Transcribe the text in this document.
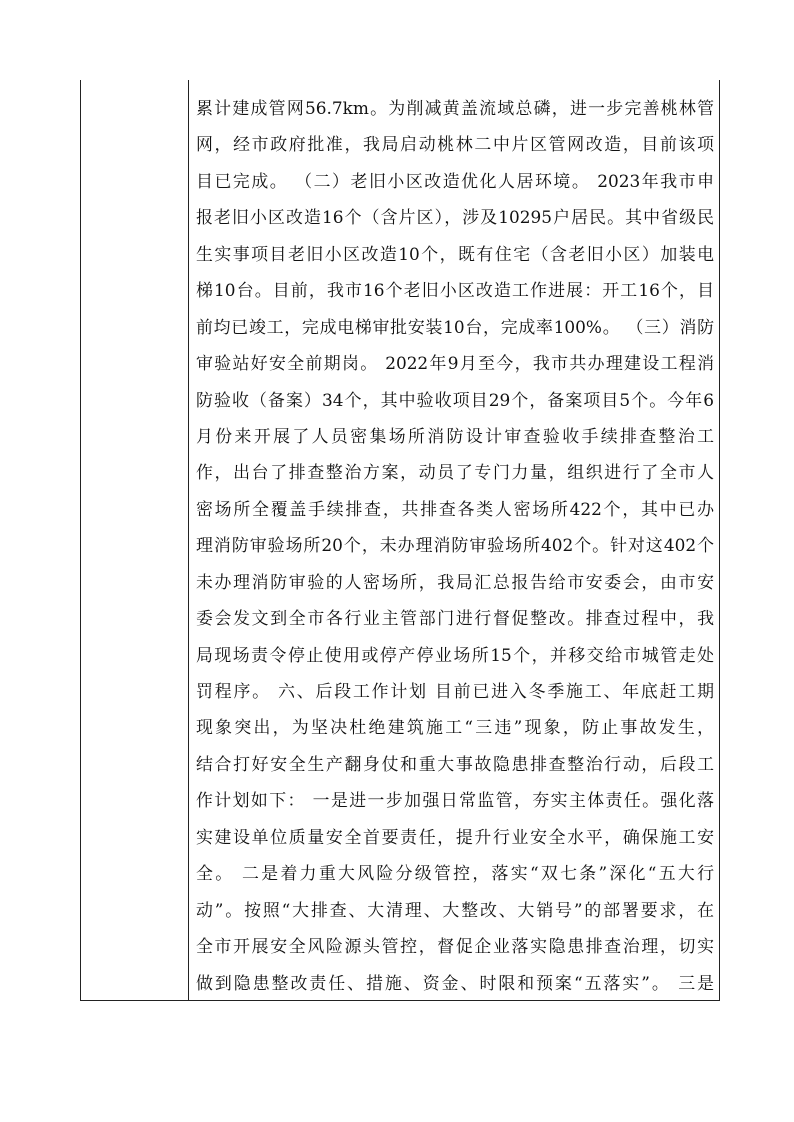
累计建成管网56.7km。为削减黄盖流域总磷，进一步完善桃林管
网，经市政府批准，我局启动桃林二中片区管网改造，目前该项
目已完成。 （二）老旧小区改造优化人居环境。 2023年我市申
报老旧小区改造16个（含片区），涉及10295户居民。其中省级民
生实事项目老旧小区改造10个，既有住宅（含老旧小区）加装电
梯10台。目前，我市16个老旧小区改造工作进展：开工16个，目
前均已竣工，完成电梯审批安装10台，完成率100%。 （三）消防
审验站好安全前期岗。 2022年9月至今，我市共办理建设工程消
防验收（备案）34个，其中验收项目29个，备案项目5个。今年6
月份来开展了人员密集场所消防设计审查验收手续排查整治工
作，出台了排查整治方案，动员了专门力量，组织进行了全市人
密场所全覆盖手续排查，共排查各类人密场所422个，其中已办
理消防审验场所20个，未办理消防审验场所402个。针对这402个
未办理消防审验的人密场所，我局汇总报告给市安委会，由市安
委会发文到全市各行业主管部门进行督促整改。排查过程中，我
局现场责令停止使用或停产停业场所15个，并移交给市城管走处
罚程序。 六、后段工作计划 目前已进入冬季施工、年底赶工期
现象突出，为坚决杜绝建筑施工“三违”现象，防止事故发生，
结合打好安全生产翻身仗和重大事故隐患排查整治行动，后段工
作计划如下： 一是进一步加强日常监管，夯实主体责任。强化落
实建设单位质量安全首要责任，提升行业安全水平，确保施工安
全。 二是着力重大风险分级管控，落实“双七条”深化“五大行
动”。按照“大排查、大清理、大整改、大销号”的部署要求，在
全市开展安全风险源头管控，督促企业落实隐患排查治理，切实
做到隐患整改责任、措施、资金、时限和预案“五落实”。 三是
